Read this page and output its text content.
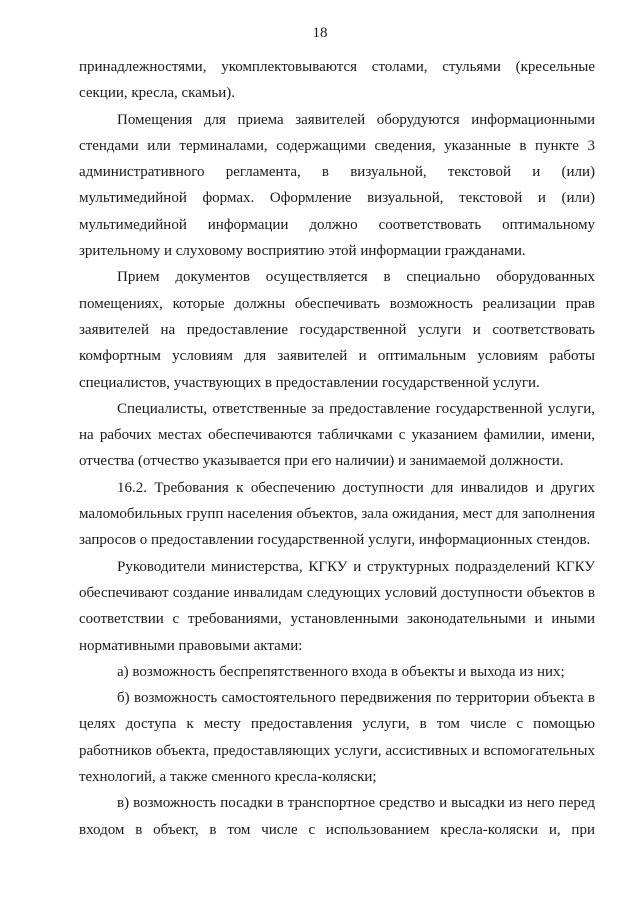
18

принадлежностями, укомплектовываются столами, стульями (кресельные секции, кресла, скамьи).

Помещения для приема заявителей оборудуются информационными стендами или терминалами, содержащими сведения, указанные в пункте 3 административного регламента, в визуальной, текстовой и (или) мультимедийной формах. Оформление визуальной, текстовой и (или) мультимедийной информации должно соответствовать оптимальному зрительному и слуховому восприятию этой информации гражданами.

Прием документов осуществляется в специально оборудованных помещениях, которые должны обеспечивать возможность реализации прав заявителей на предоставление государственной услуги и соответствовать комфортным условиям для заявителей и оптимальным условиям работы специалистов, участвующих в предоставлении государственной услуги.

Специалисты, ответственные за предоставление государственной услуги, на рабочих местах обеспечиваются табличками с указанием фамилии, имени, отчества (отчество указывается при его наличии) и занимаемой должности.

16.2. Требования к обеспечению доступности для инвалидов и других маломобильных групп населения объектов, зала ожидания, мест для заполнения запросов о предоставлении государственной услуги, информационных стендов.

Руководители министерства, КГКУ и структурных подразделений КГКУ обеспечивают создание инвалидам следующих условий доступности объектов в соответствии с требованиями, установленными законодательными и иными нормативными правовыми актами:

а) возможность беспрепятственного входа в объекты и выхода из них;

б) возможность самостоятельного передвижения по территории объекта в целях доступа к месту предоставления услуги, в том числе с помощью работников объекта, предоставляющих услуги, ассистивных и вспомогательных технологий, а также сменного кресла-коляски;

в) возможность посадки в транспортное средство и высадки из него перед входом в объект, в том числе с использованием кресла-коляски и, при
